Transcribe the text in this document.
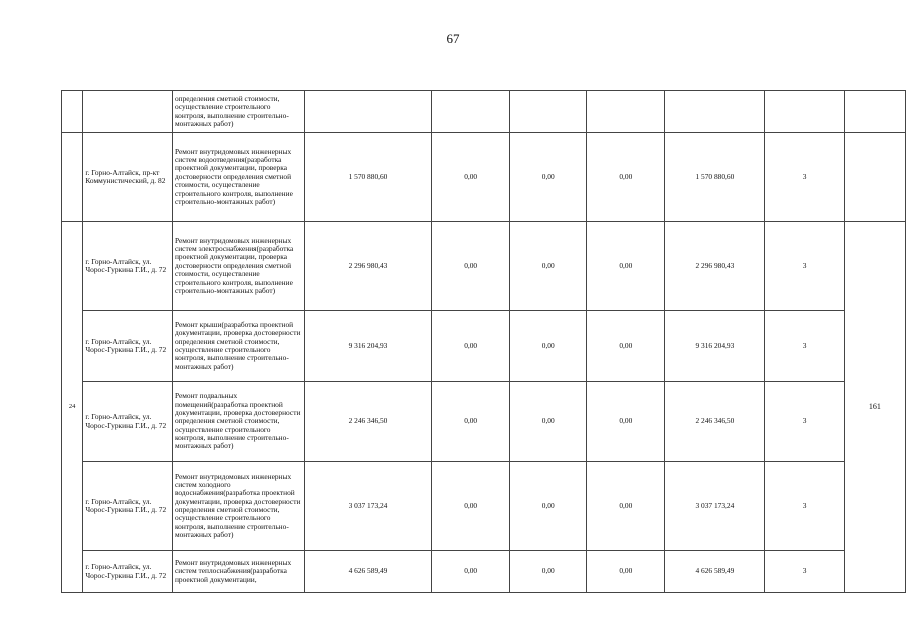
67
		определения сметной стоимости, осуществление строительного контроля, выполнение строительно-монтажных работ)							
	г. Горно-Алтайск, пр-кт Коммунистический, д. 82	Ремонт внутридомовых инженерных систем водоотведения(разработка проектной документации, проверка достоверности определения сметной стоимости, осуществление строительного контроля, выполнение строительно-монтажных работ)	1 570 880,60	0,00	0,00	0,00	1 570 880,60	3	
24	г. Горно-Алтайск, ул. Чорос-Гуркина Г.И., д. 72	Ремонт внутридомовых инженерных систем электроснабжения(разработка проектной документации, проверка достоверности определения сметной стоимости, осуществление строительного контроля, выполнение строительно-монтажных работ)	2 296 980,43	0,00	0,00	0,00	2 296 980,43	3	161
	г. Горно-Алтайск, ул. Чорос-Гуркина Г.И., д. 72	Ремонт крыши(разработка проектной документации, проверка достоверности определения сметной стоимости, осуществление строительного контроля, выполнение строительно-монтажных работ)	9 316 204,93	0,00	0,00	0,00	9 316 204,93	3	
	г. Горно-Алтайск, ул. Чорос-Гуркина Г.И., д. 72	Ремонт подвальных помещений(разработка проектной документации, проверка достоверности определения сметной стоимости, осуществление строительного контроля, выполнение строительно-монтажных работ)	2 246 346,50	0,00	0,00	0,00	2 246 346,50	3	
	г. Горно-Алтайск, ул. Чорос-Гуркина Г.И., д. 72	Ремонт внутридомовых инженерных систем холодного водоснабжения(разработка проектной документации, проверка достоверности определения сметной стоимости, осуществление строительного контроля, выполнение строительно-монтажных работ)	3 037 173,24	0,00	0,00	0,00	3 037 173,24	3	
	г. Горно-Алтайск, ул. Чорос-Гуркина Г.И., д. 72	Ремонт внутридомовых инженерных систем теплоснабжения(разработка проектной документации,	4 626 589,49	0,00	0,00	0,00	4 626 589,49	3	
